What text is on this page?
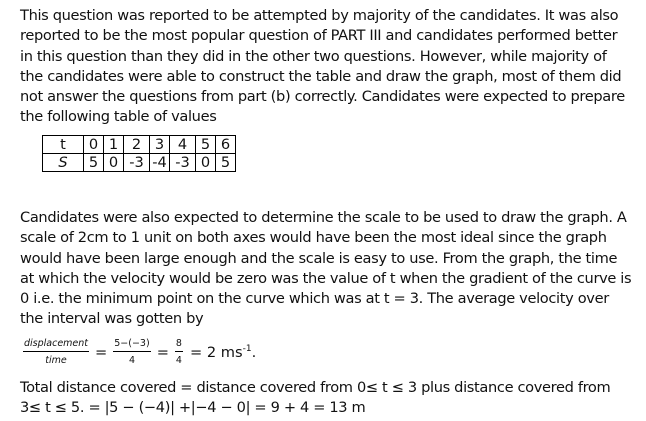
This question was reported to be attempted by majority of the candidates. It was also
reported to be the most popular question of PART III and candidates performed better
in this question than they did in the other two questions. However, while majority of
the candidates were able to construct the table and draw the graph, most of them did
not answer the questions from part (b) correctly. Candidates were expected to prepare
the following table of values
t	0	1	2	3	4	5	6
S	5	0	-3	-4	-3	0	5
Candidates were also expected to determine the scale to be used to draw the graph. A
scale of 2cm to 1 unit on both axes would have been the most ideal since the graph
would have been large enough and the scale is easy to use. From the graph, the time
at which the velocity would be zero was the value of t when the gradient of the curve is
0 i.e. the minimum point on the curve which was at t = 3. The average velocity over
the interval was gotten by
$\frac{\text{displacement}}{\text{time}} = \frac{5-(-3)}{4} = \frac{8}{4} = 2$ $ms^{-1}$.
Total distance covered = distance covered from 0≤ t ≤ 3 plus distance covered from
3≤ t ≤ 5. = |5 − (−4)| +|−4 − 0| = 9 + 4 = 13 m
